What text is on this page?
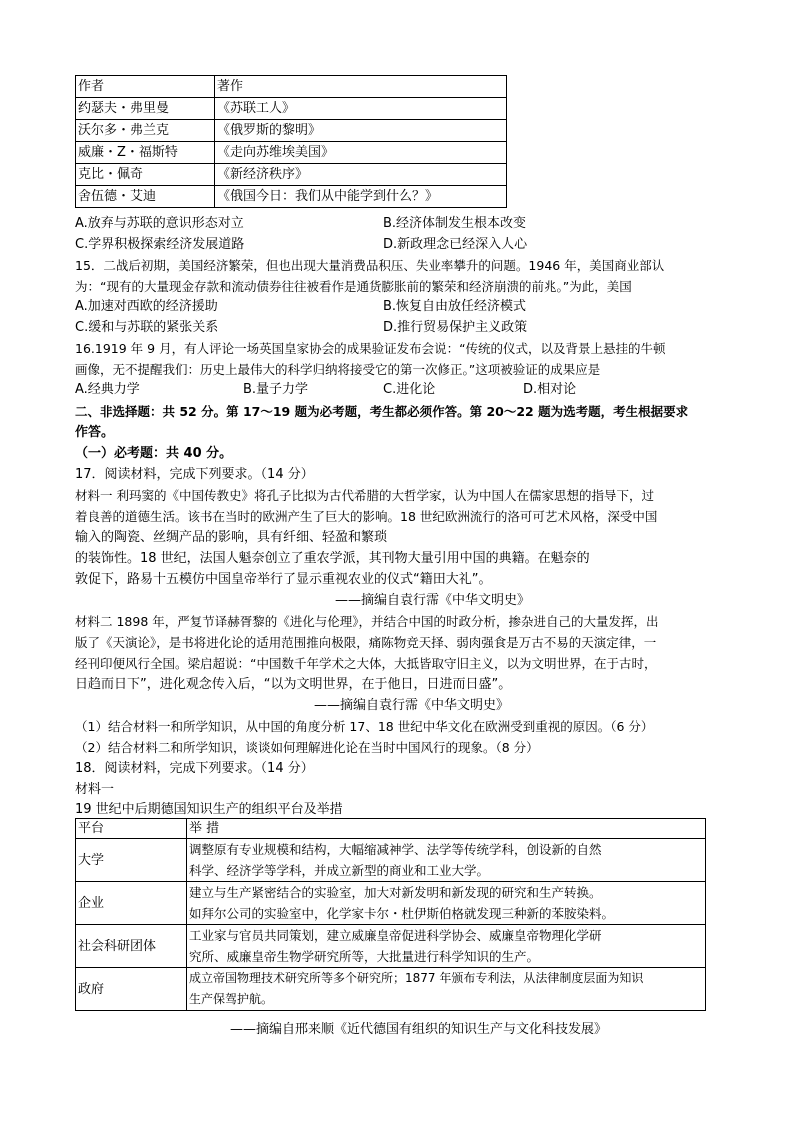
作者	著作
约瑟夫・弗里曼	《苏联工人》
沃尔多・弗兰克	《俄罗斯的黎明》
威廉・Z・福斯特	《走向苏维埃美国》
克比・佩奇	《新经济秩序》
舍伍德・艾迪	《俄国今日：我们从中能学到什么？》
A.放弃与苏联的意识形态对立	B.经济体制发生根本改变
C.学界积极探索经济发展道路	D.新政理念已经深入人心
15．二战后初期，美国经济繁荣，但也出现大量消费品积压、失业率攀升的问题。1946 年，美国商业部认
为：“现有的大量现金存款和流动债券往往被看作是通货膨胀前的繁荣和经济崩溃的前兆。”为此，美国
A.加速对西欧的经济援助	B.恢复自由放任经济模式
C.缓和与苏联的紧张关系	D.推行贸易保护主义政策
16.1919 年 9 月，有人评论一场英国皇家协会的成果验证发布会说：“传统的仪式，以及背景上悬挂的牛顿
画像，无不提醒我们：历史上最伟大的科学归纳将接受它的第一次修正。”这项被验证的成果应是
A.经典力学	B.量子力学	C.进化论	D.相对论
二、非选择题：共 52 分。第 17～19 题为必考题，考生都必须作答。第 20～22 题为选考题，考生根据要求
作答。
（一）必考题：共 40 分。
17．阅读材料，完成下列要求。（14 分）
材料一 利玛窦的《中国传教史》将孔子比拟为古代希腊的大哲学家，认为中国人在儒家思想的指导下，过
着良善的道德生活。该书在当时的欧洲产生了巨大的影响。18 世纪欧洲流行的洛可可艺术风格，深受中国
输入的陶瓷、丝绸产品的影响，具有纤细、轻盈和繁琐
的装饰性。18 世纪，法国人魁奈创立了重农学派，其刊物大量引用中国的典籍。在魁奈的
敦促下，路易十五模仿中国皇帝举行了显示重视农业的仪式“籍田大礼”。
——摘编自袁行霈《中华文明史》
材料二 1898 年，严复节译赫胥黎的《进化与伦理》，并结合中国的时政分析，掺杂进自己的大量发挥，出
版了《天演论》，是书将进化论的适用范围推向极限，痛陈物竞天择、弱肉强食是万古不易的天演定律，一
经刊印便风行全国。梁启超说：“中国数千年学术之大体，大抵皆取守旧主义，以为文明世界，在于古时，
日趋而日下”，进化观念传入后，“以为文明世界，在于他日，日进而日盛”。
——摘编自袁行霈《中华文明史》
（1）结合材料一和所学知识，从中国的角度分析 17、18 世纪中华文化在欧洲受到重视的原因。（6 分）
（2）结合材料二和所学知识，谈谈如何理解进化论在当时中国风行的现象。（8 分）
18．阅读材料，完成下列要求。（14 分）
材料一
19 世纪中后期德国知识生产的组织平台及举措
平台	举 措
大学	调整原有专业规模和结构，大幅缩减神学、法学等传统学科，创设新的自然
科学、经济学等学科，并成立新型的商业和工业大学。

企业	建立与生产紧密结合的实验室，加大对新发明和新发现的研究和生产转换。
如拜尔公司的实验室中，化学家卡尔・杜伊斯伯格就发现三种新的苯胺染料。

社会科研团体	工业家与官员共同策划，建立威廉皇帝促进科学协会、威廉皇帝物理化学研
究所、威廉皇帝生物学研究所等，大批量进行科学知识的生产。

政府	成立帝国物理技术研究所等多个研究所；1877 年颁布专利法，从法律制度层面为知识
生产保驾护航。
——摘编自邢来顺《近代德国有组织的知识生产与文化科技发展》
